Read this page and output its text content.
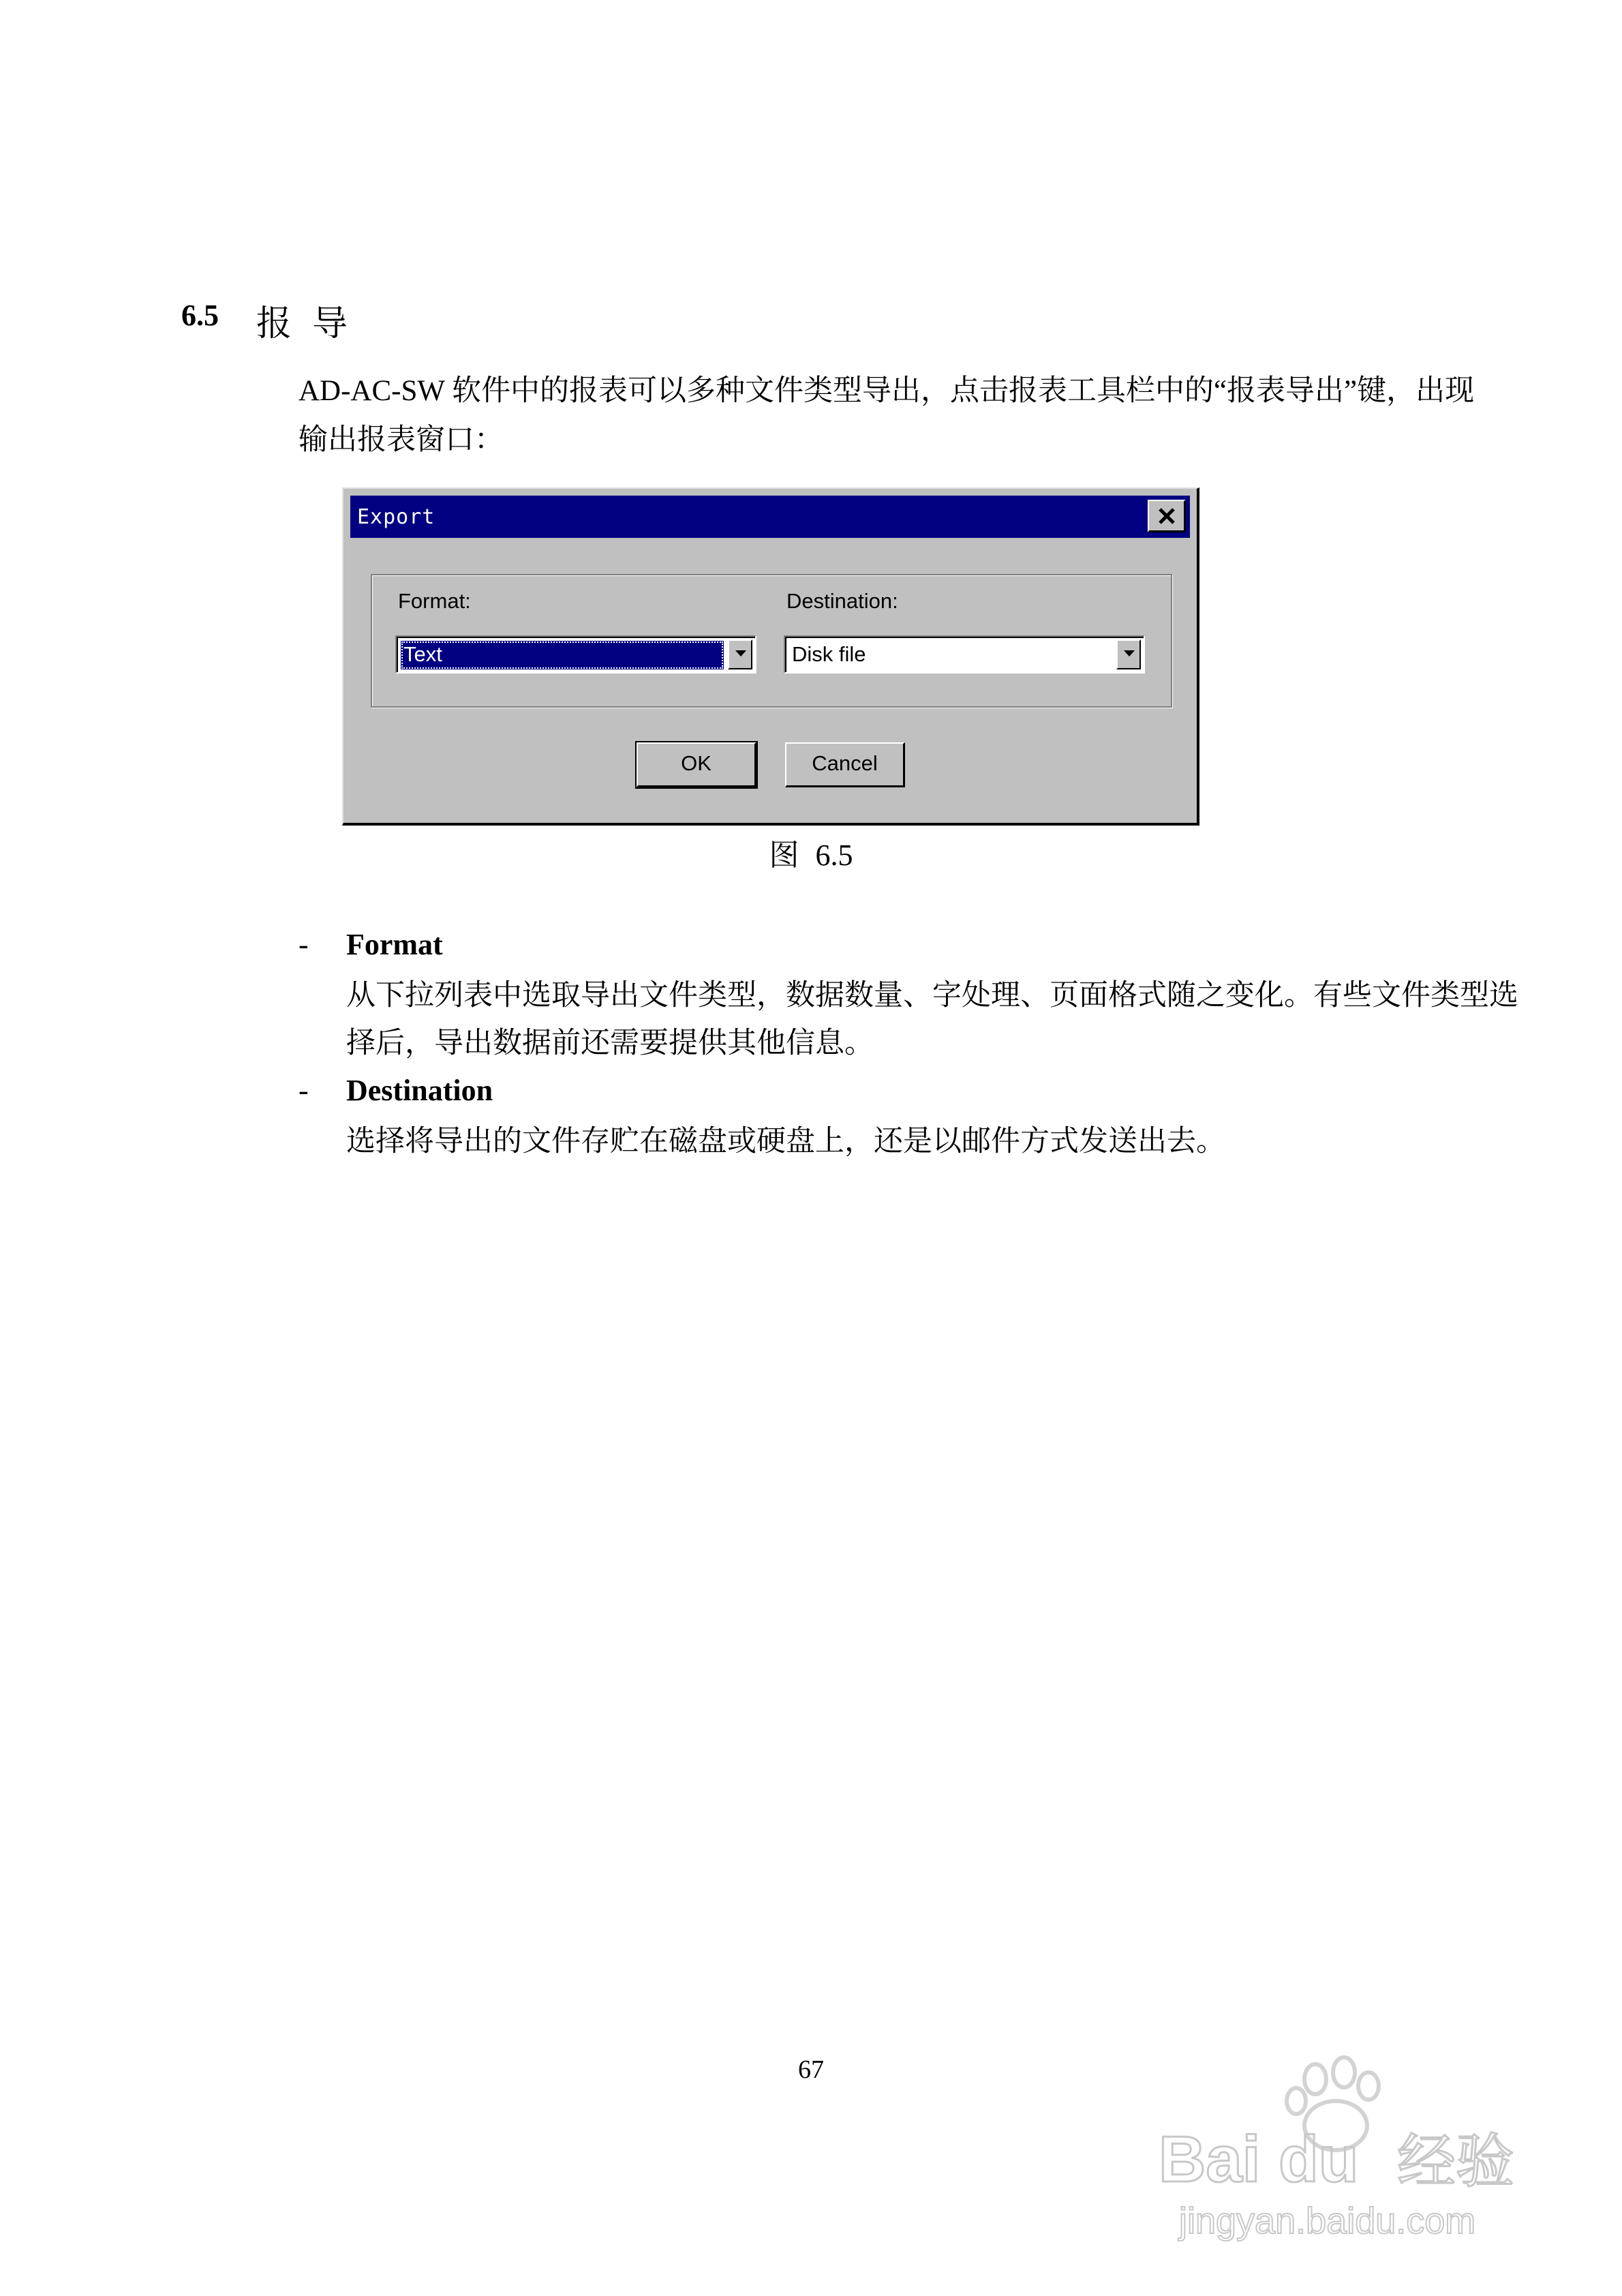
6.5 报导
AD-AC-SW 软件中的报表可以多种文件类型导出，点击报表工具栏中的“报表导出”键，出现输出报表窗口：
Export
Format:	Destination:
Text	Disk file
OK	Cancel
图 6.5
- Format
从下拉列表中选取导出文件类型，数据数量、字处理、页面格式随之变化。有些文件类型选择后，导出数据前还需要提供其他信息。
- Destination
选择将导出的文件存贮在磁盘或硬盘上，还是以邮件方式发送出去。
67
Bai du 经验
jingyan.baidu.com
